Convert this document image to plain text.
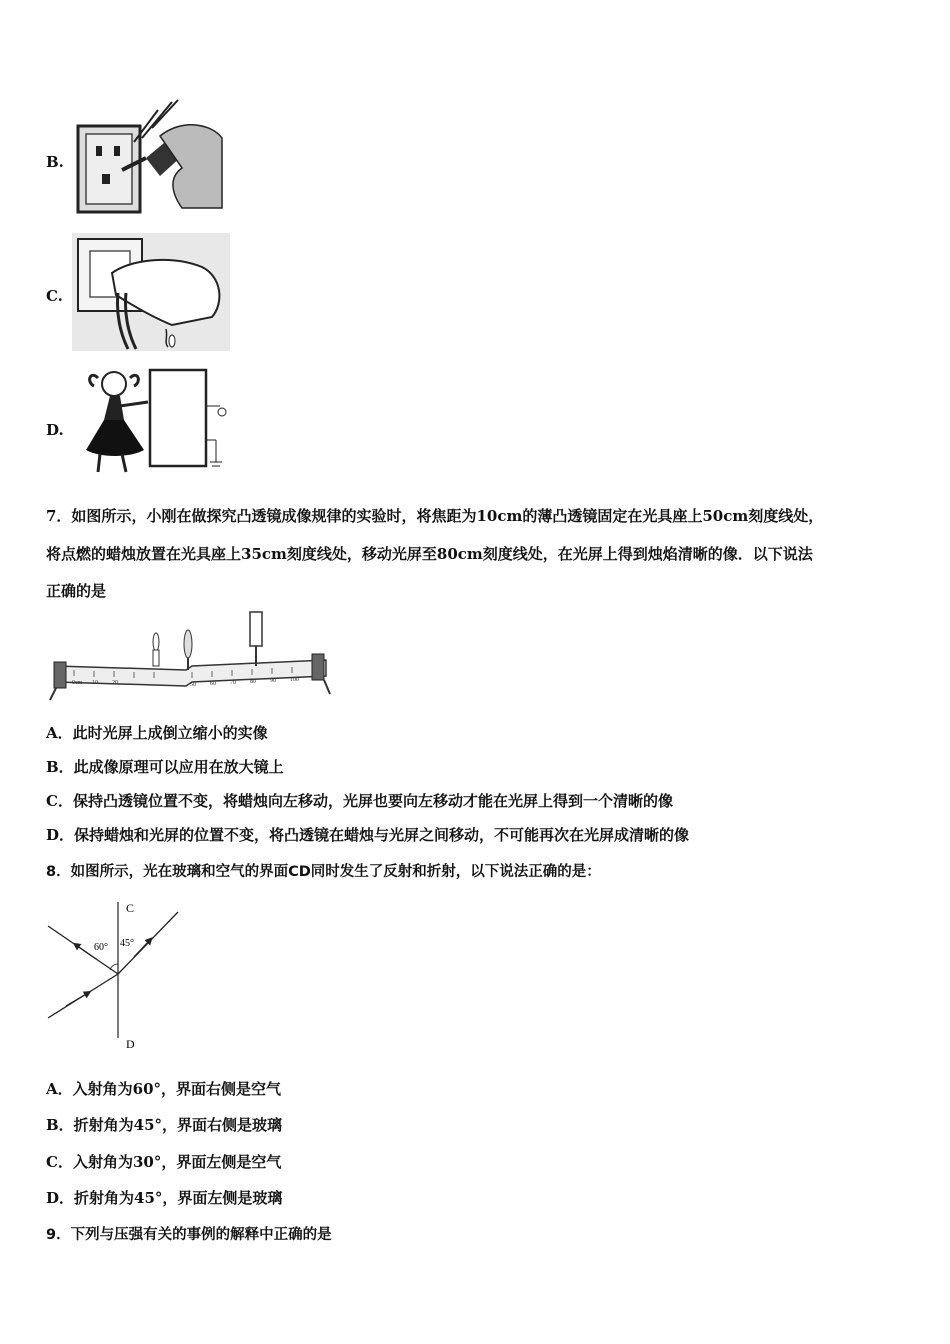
B.
C.
D.
7．如图所示，小刚在做探究凸透镜成像规律的实验时，将焦距为10cm的薄凸透镜固定在光具座上50cm刻度线处，
将点燃的蜡烛放置在光具座上35cm刻度线处，移动光屏至80cm刻度线处，在光屏上得到烛焰清晰的像．以下说法
正确的是
0cm 10 20	50 60 70 80 90 100
A．此时光屏上成倒立缩小的实像
B．此成像原理可以应用在放大镜上
C．保持凸透镜位置不变，将蜡烛向左移动，光屏也要向左移动才能在光屏上得到一个清晰的像
D．保持蜡烛和光屏的位置不变，将凸透镜在蜡烛与光屏之间移动，不可能再次在光屏成清晰的像
8．如图所示，光在玻璃和空气的界面CD同时发生了反射和折射，以下说法正确的是：
C
D
60° 45°
A．入射角为60°，界面右侧是空气
B．折射角为45°，界面右侧是玻璃
C．入射角为30°，界面左侧是空气
D．折射角为45°，界面左侧是玻璃
9．下列与压强有关的事例的解释中正确的是
